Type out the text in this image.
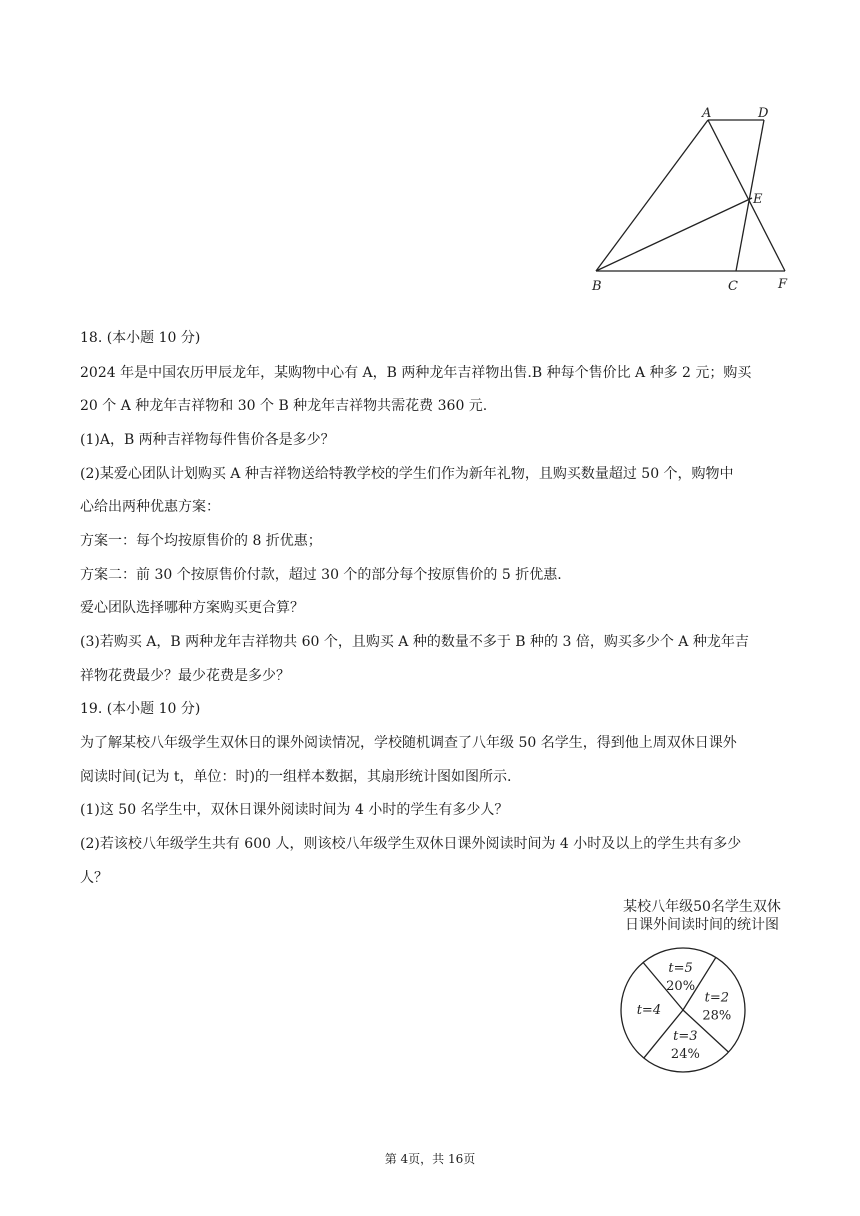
A	D
E
B	C	F
18. (本小题 10 分)
2024 年是中国农历甲辰龙年，某购物中心有 A，B 两种龙年吉祥物出售.B 种每个售价比 A 种多 2 元；购买
20 个 A 种龙年吉祥物和 30 个 B 种龙年吉祥物共需花费 360 元.
(1)A，B 两种吉祥物每件售价各是多少？
(2)某爱心团队计划购买 A 种吉祥物送给特教学校的学生们作为新年礼物，且购买数量超过 50 个，购物中
心给出两种优惠方案：
方案一：每个均按原售价的 8 折优惠；
方案二：前 30 个按原售价付款，超过 30 个的部分每个按原售价的 5 折优惠.
爱心团队选择哪种方案购买更合算？
(3)若购买 A，B 两种龙年吉祥物共 60 个，且购买 A 种的数量不多于 B 种的 3 倍，购买多少个 A 种龙年吉
祥物花费最少？最少花费是多少？
19. (本小题 10 分)
为了解某校八年级学生双休日的课外阅读情况，学校随机调查了八年级 50 名学生，得到他上周双休日课外
阅读时间(记为 t，单位：时)的一组样本数据，其扇形统计图如图所示.
(1)这 50 名学生中，双休日课外阅读时间为 4 小时的学生有多少人？
(2)若该校八年级学生共有 600 人，则该校八年级学生双休日课外阅读时间为 4 小时及以上的学生共有多少
人？
某校八年级50名学生双休
日课外间读时间的统计图
t=5
20%
t=2
28%
t=3
24%
t=4
第 4页，共 16页
